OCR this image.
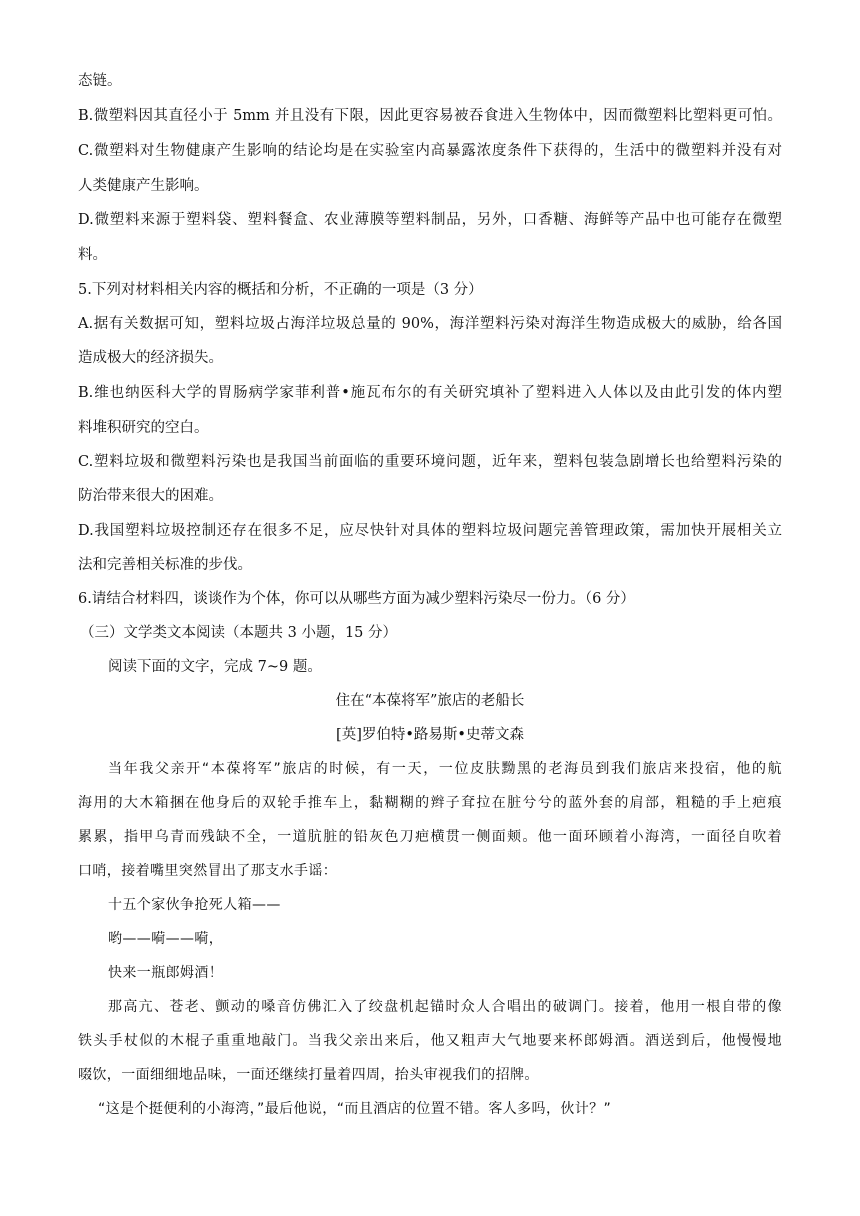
态链。
B.微塑料因其直径小于 5mm 并且没有下限，因此更容易被吞食进入生物体中，因而微塑料比塑料更可怕。
C.微塑料对生物健康产生影响的结论均是在实验室内高暴露浓度条件下获得的，生活中的微塑料并没有对
人类健康产生影响。
D.微塑料来源于塑料袋、塑料餐盒、农业薄膜等塑料制品，另外，口香糖、海鲜等产品中也可能存在微塑
料。
5.下列对材料相关内容的概括和分析，不正确的一项是（3 分）
A.据有关数据可知，塑料垃圾占海洋垃圾总量的 90%，海洋塑料污染对海洋生物造成极大的威胁，给各国
造成极大的经济损失。
B.维也纳医科大学的胃肠病学家菲利普•施瓦布尔的有关研究填补了塑料进入人体以及由此引发的体内塑
料堆积研究的空白。
C.塑料垃圾和微塑料污染也是我国当前面临的重要环境问题，近年来，塑料包装急剧增长也给塑料污染的
防治带来很大的困难。
D.我国塑料垃圾控制还存在很多不足，应尽快针对具体的塑料垃圾问题完善管理政策，需加快开展相关立
法和完善相关标准的步伐。
6.请结合材料四，谈谈作为个体，你可以从哪些方面为减少塑料污染尽一份力。（6 分）
（三）文学类文本阅读（本题共 3 小题，15 分）
阅读下面的文字，完成 7~9 题。
住在“本葆将军”旅店的老船长
[英]罗伯特•路易斯•史蒂文森
当年我父亲开“本葆将军”旅店的时候，有一天，一位皮肤黝黑的老海员到我们旅店来投宿，他的航
海用的大木箱捆在他身后的双轮手推车上，黏糊糊的辫子耷拉在脏兮兮的蓝外套的肩部，粗糙的手上疤痕
累累，指甲乌青而残缺不全，一道肮脏的铅灰色刀疤横贯一侧面颊。他一面环顾着小海湾，一面径自吹着
口哨，接着嘴里突然冒出了那支水手谣：
十五个家伙争抢死人箱——
哟——嗬——嗬，
快来一瓶郎姆酒！
那高亢、苍老、颤动的嗓音仿佛汇入了绞盘机起锚时众人合唱出的破调门。接着，他用一根自带的像
铁头手杖似的木棍子重重地敲门。当我父亲出来后，他又粗声大气地要来杯郎姆酒。酒送到后，他慢慢地
啜饮，一面细细地品味，一面还继续打量着四周，抬头审视我们的招牌。
“这是个挺便利的小海湾，”最后他说，“而且酒店的位置不错。客人多吗，伙计？”
